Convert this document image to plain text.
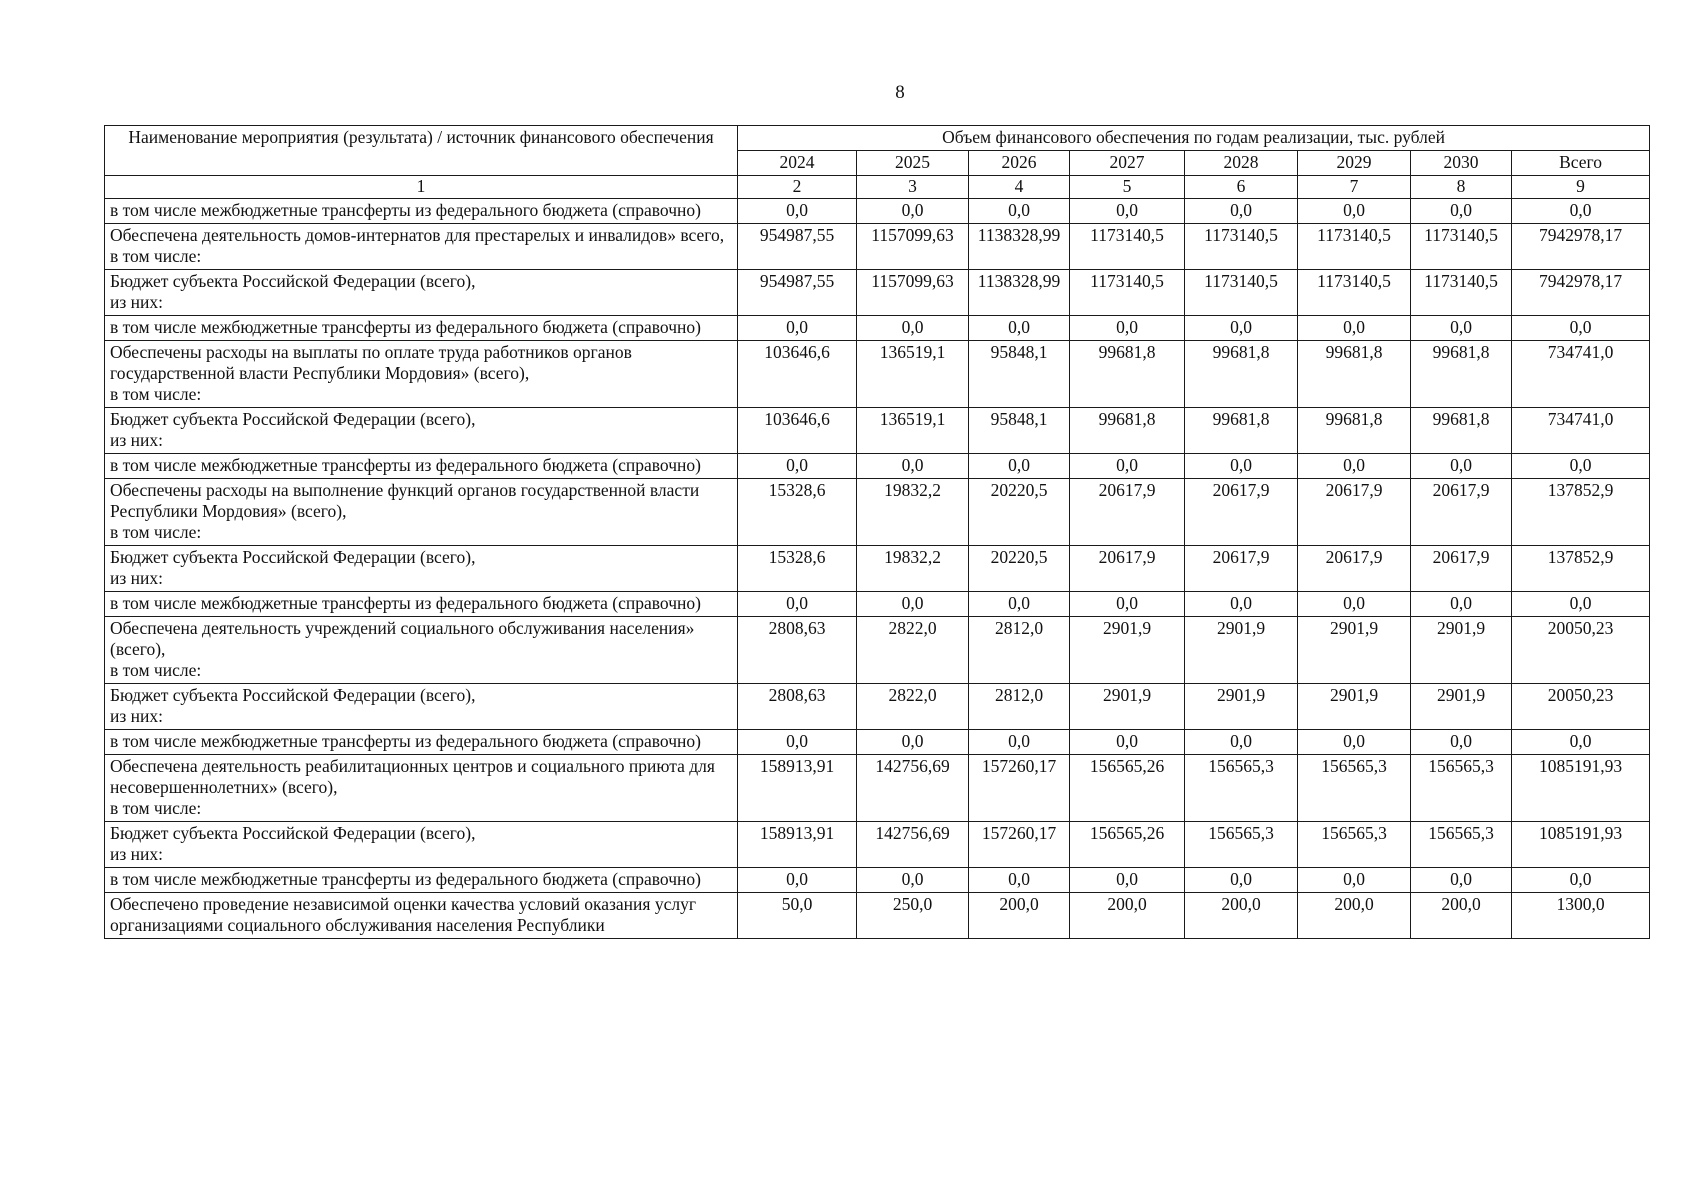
8
Наименование мероприятия (результата) / источник финансового обеспечения	Объем финансового обеспечения по годам реализации, тыс. рублей							
	2024	2025	2026	2027	2028	2029	2030	Всего
1	2	3	4	5	6	7	8	9

в том числе межбюджетные трансферты из федерального бюджета (справочно)	0,0	0,0	0,0	0,0	0,0	0,0	0,0	0,0

Обеспечена деятельность домов-интернатов для престарелых и инвалидов» всего,
в том числе:	954987,55	1157099,63	1138328,99	1173140,5	1173140,5	1173140,5	1173140,5	7942978,17

Бюджет субъекта Российской Федерации (всего),
из них:	954987,55	1157099,63	1138328,99	1173140,5	1173140,5	1173140,5	1173140,5	7942978,17

в том числе межбюджетные трансферты из федерального бюджета (справочно)	0,0	0,0	0,0	0,0	0,0	0,0	0,0	0,0

Обеспечены расходы на выплаты по оплате труда работников органов государственной власти Республики Мордовия» (всего),
в том числе:	103646,6	136519,1	95848,1	99681,8	99681,8	99681,8	99681,8	734741,0

Бюджет субъекта Российской Федерации (всего),
из них:	103646,6	136519,1	95848,1	99681,8	99681,8	99681,8	99681,8	734741,0

в том числе межбюджетные трансферты из федерального бюджета (справочно)	0,0	0,0	0,0	0,0	0,0	0,0	0,0	0,0

Обеспечены расходы на выполнение функций органов государственной власти Республики Мордовия» (всего),
в том числе:	15328,6	19832,2	20220,5	20617,9	20617,9	20617,9	20617,9	137852,9

Бюджет субъекта Российской Федерации (всего),
из них:	15328,6	19832,2	20220,5	20617,9	20617,9	20617,9	20617,9	137852,9

в том числе межбюджетные трансферты из федерального бюджета (справочно)	0,0	0,0	0,0	0,0	0,0	0,0	0,0	0,0

Обеспечена деятельность учреждений социального обслуживания населения» (всего),
в том числе:	2808,63	2822,0	2812,0	2901,9	2901,9	2901,9	2901,9	20050,23

Бюджет субъекта Российской Федерации (всего),
из них:	2808,63	2822,0	2812,0	2901,9	2901,9	2901,9	2901,9	20050,23

в том числе межбюджетные трансферты из федерального бюджета (справочно)	0,0	0,0	0,0	0,0	0,0	0,0	0,0	0,0

Обеспечена деятельность реабилитационных центров и социального приюта для несовершеннолетних» (всего),
в том числе:	158913,91	142756,69	157260,17	156565,26	156565,3	156565,3	156565,3	1085191,93

Бюджет субъекта Российской Федерации (всего),
из них:	158913,91	142756,69	157260,17	156565,26	156565,3	156565,3	156565,3	1085191,93

в том числе межбюджетные трансферты из федерального бюджета (справочно)	0,0	0,0	0,0	0,0	0,0	0,0	0,0	0,0

Обеспечено проведение независимой оценки качества условий оказания услуг организациями социального обслуживания населения Республики	50,0	250,0	200,0	200,0	200,0	200,0	200,0	1300,0
